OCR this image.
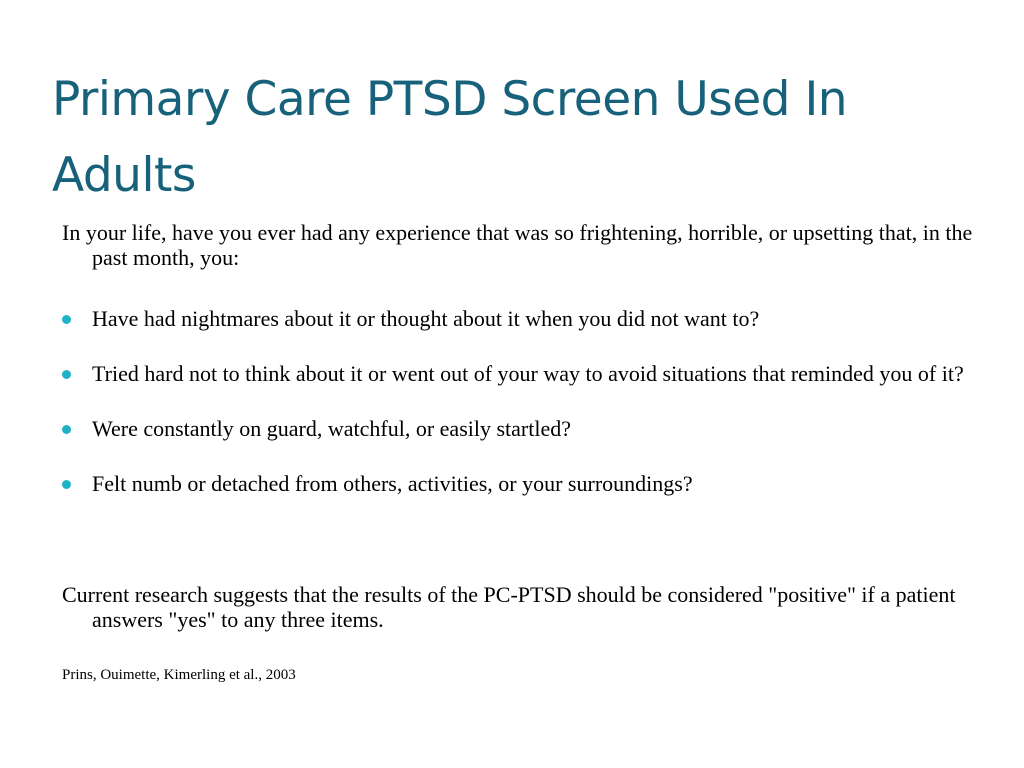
Primary Care PTSD Screen Used In Adults

In your life, have you ever had any experience that was so frightening, horrible, or upsetting that, in the past month, you:

Have had nightmares about it or thought about it when you did not want to?
Tried hard not to think about it or went out of your way to avoid situations that reminded you of it?
Were constantly on guard, watchful, or easily startled?
Felt numb or detached from others, activities, or your surroundings?

Current research suggests that the results of the PC-PTSD should be considered "positive" if a patient answers "yes" to any three items.

Prins, Ouimette, Kimerling et al., 2003
